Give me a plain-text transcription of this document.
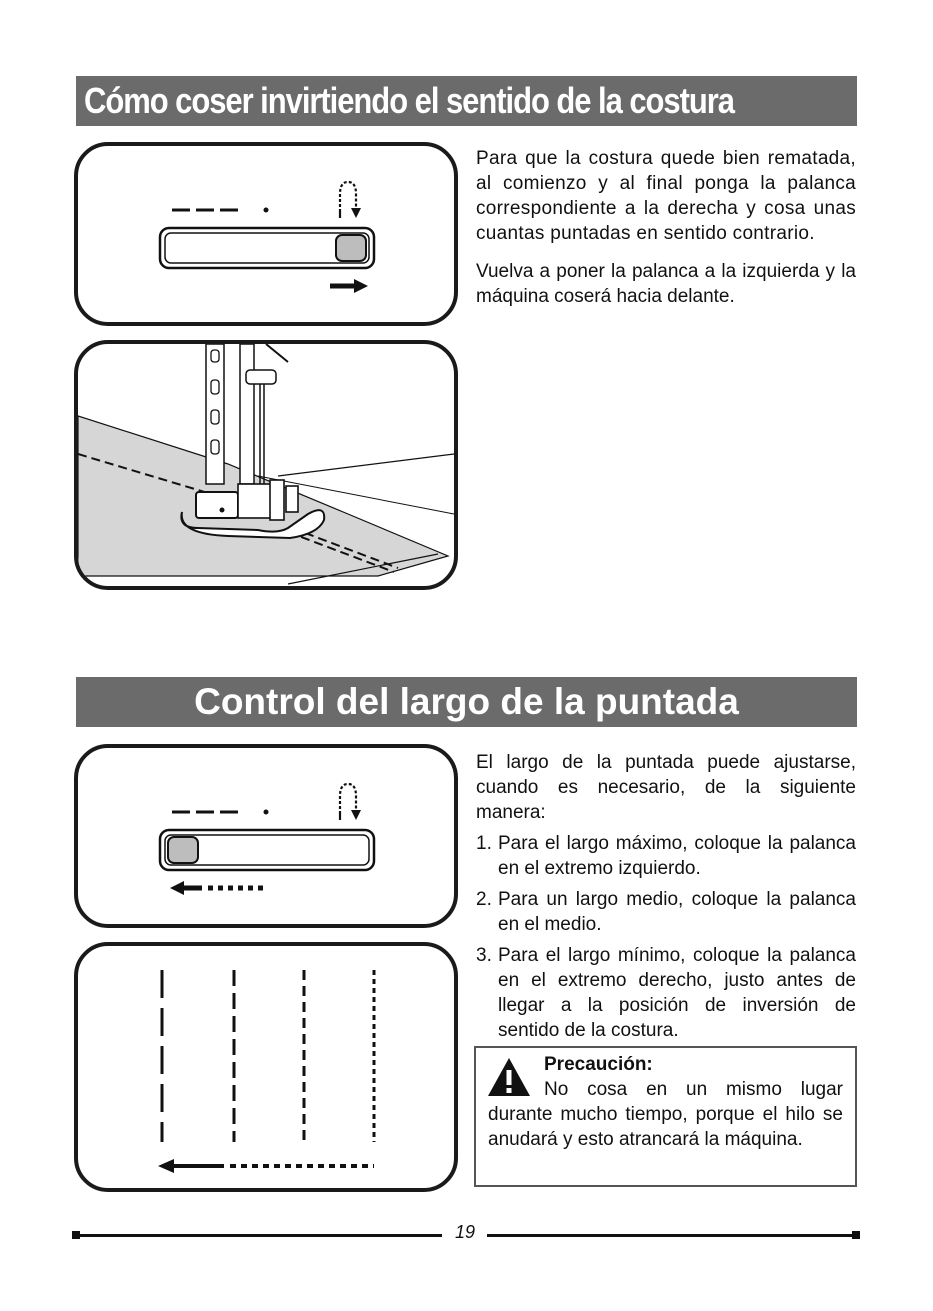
Cómo coser invirtiendo el sentido de la costura

Para que la costura quede bien rematada, al comienzo y al final ponga la palanca correspondiente a la derecha y cosa unas cuantas puntadas en sentido contrario.

Vuelva a poner la palanca a la izquierda y la máquina coserá hacia delante.

Control del largo de la puntada

El largo de la puntada puede ajustarse, cuando es necesario, de la siguiente manera:

1. Para el largo máximo, coloque la palanca en el extremo izquierdo.
2. Para un largo medio, coloque la palanca en el medio.
3. Para el largo mínimo, coloque la palanca en el extremo derecho, justo antes de llegar a la posición de inversión de sentido de la costura.
Precaución:
No cosa en un mismo lugar durante mucho tiempo, porque el hilo se anudará y esto atrancará la máquina.
19
